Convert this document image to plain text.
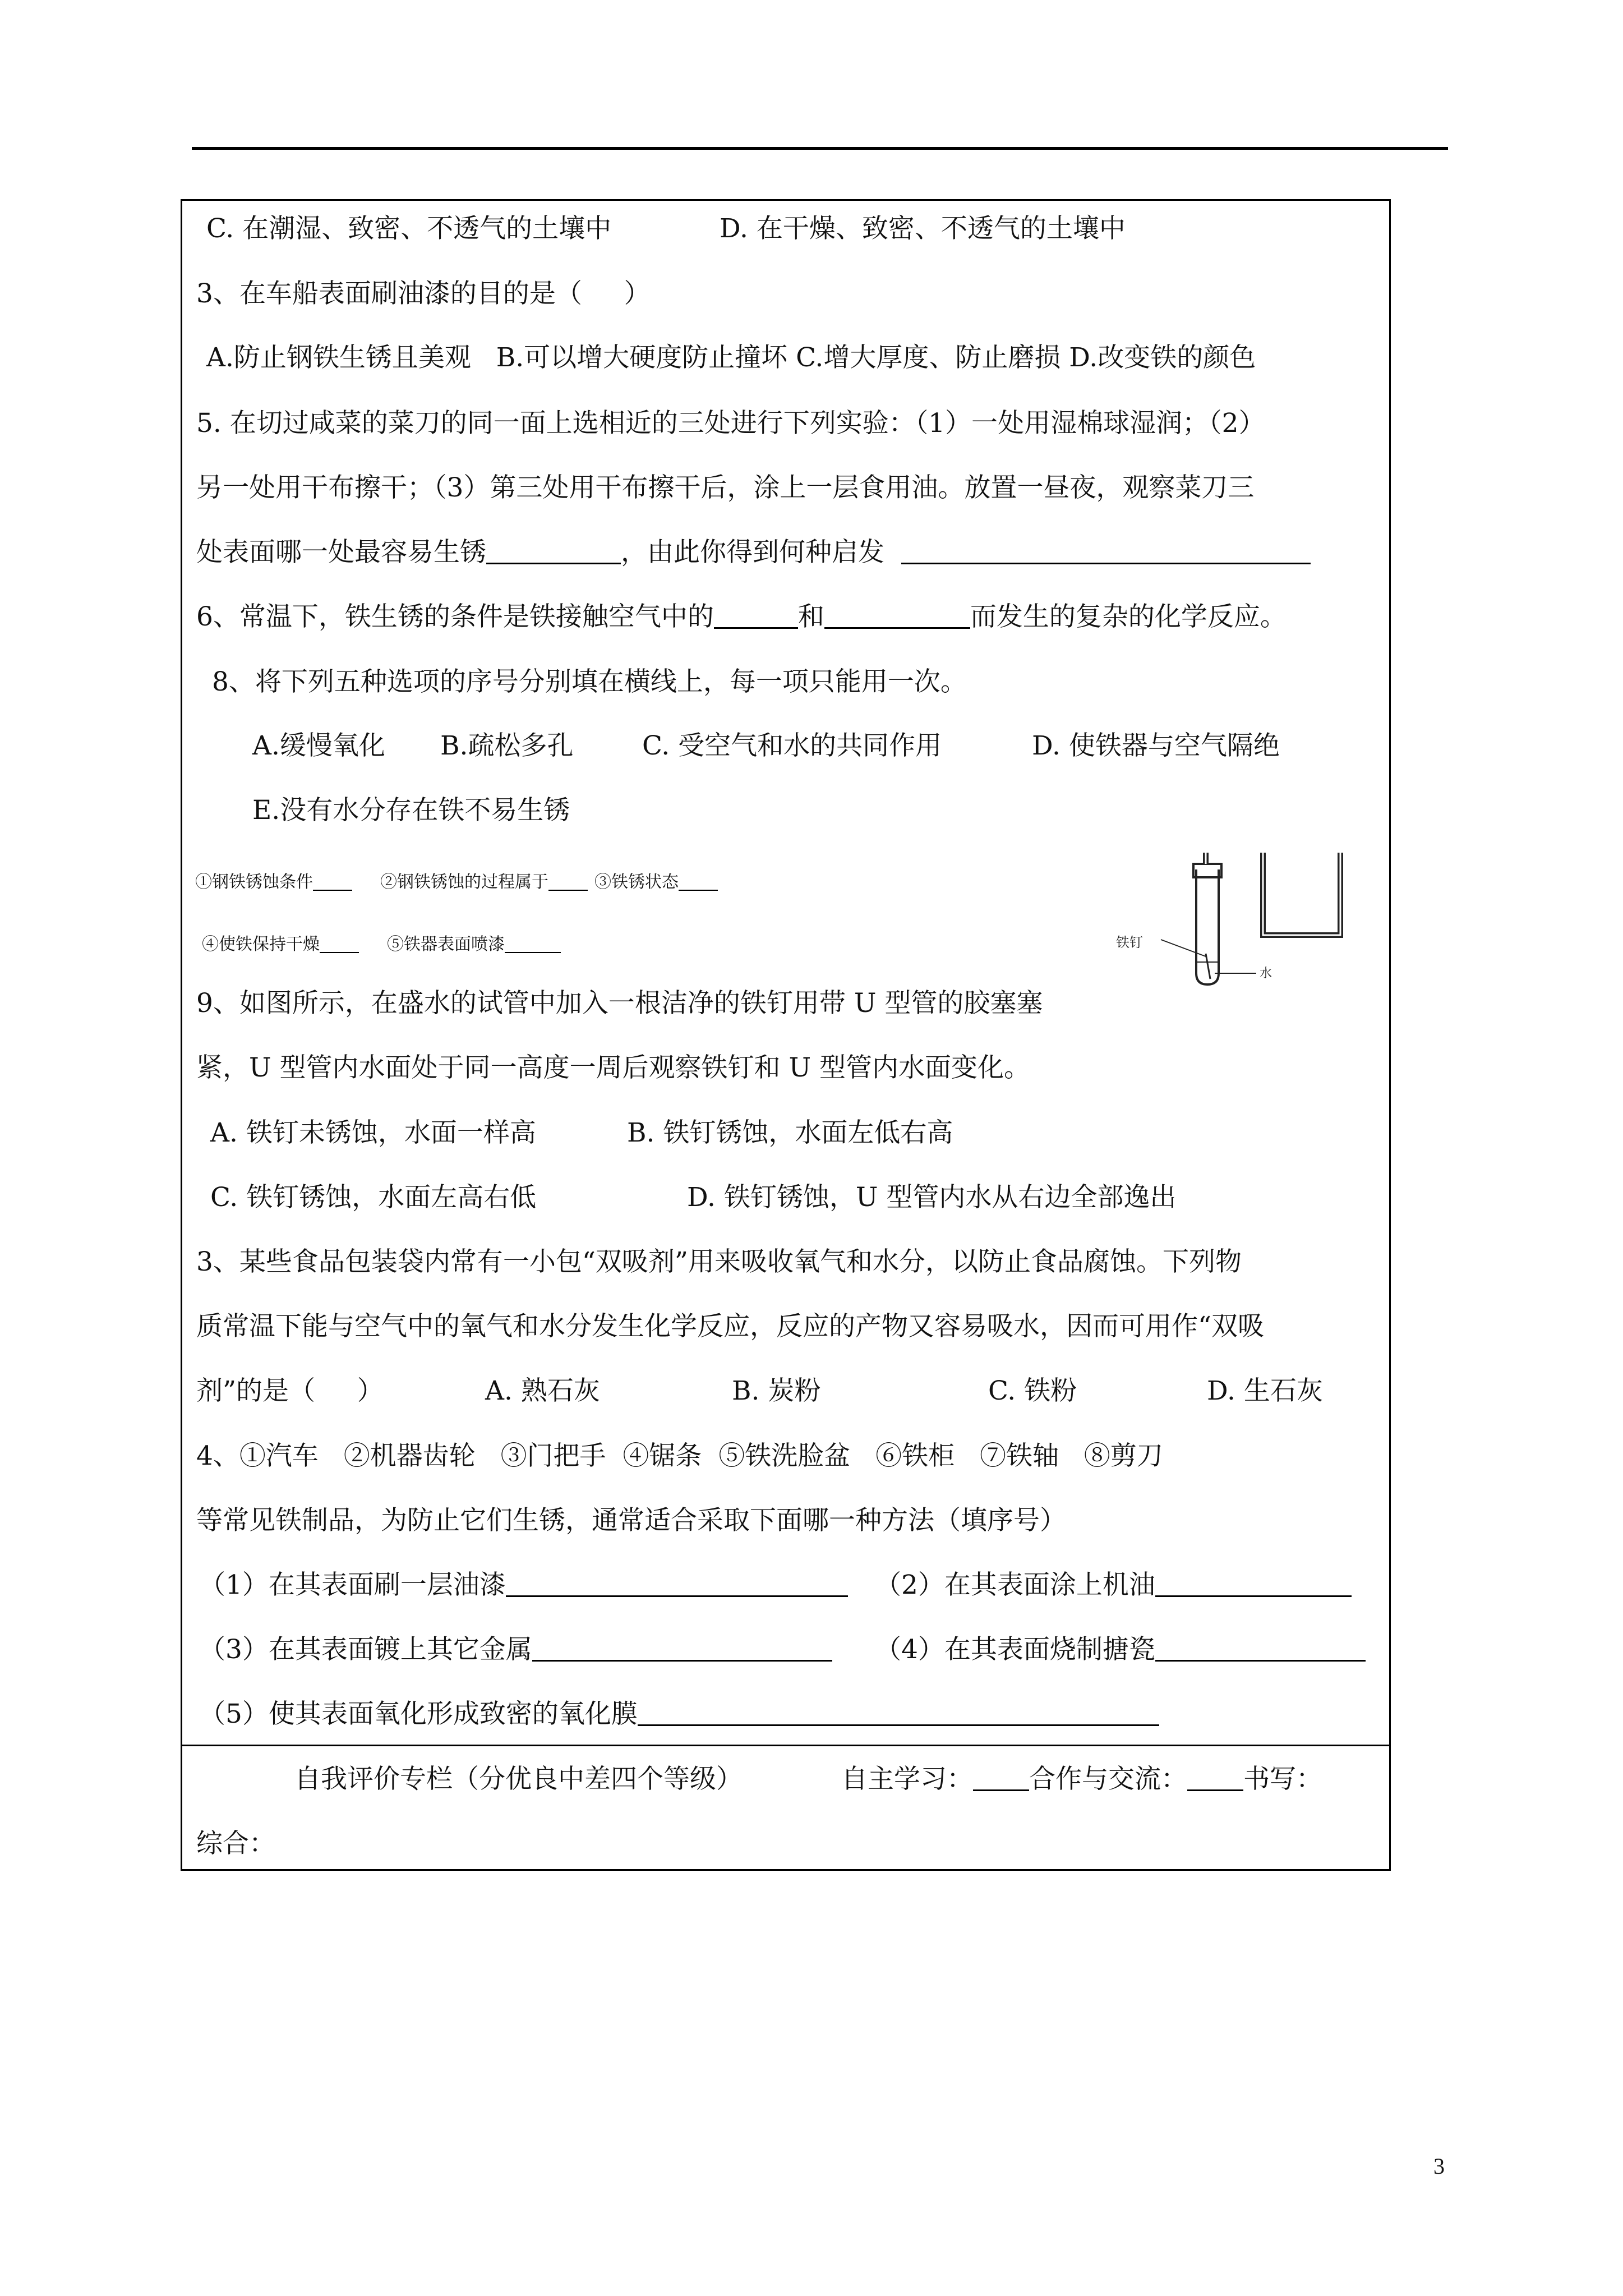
C. 在潮湿、致密、不透气的土壤中	D. 在干燥、致密、不透气的土壤中
3、在车船表面刷油漆的目的是（     ）
A.防止钢铁生锈且美观   B.可以增大硬度防止撞坏 C.增大厚度、防止磨损 D.改变铁的颜色
5. 在切过咸菜的菜刀的同一面上选相近的三处进行下列实验：（1）一处用湿棉球湿润；（2）
另一处用干布擦干；（3）第三处用干布擦干后，涂上一层食用油。放置一昼夜，观察菜刀三
处表面哪一处最容易生锈	，由此你得到何种启发
6、常温下，铁生锈的条件是铁接触空气中的	和	而发生的复杂的化学反应。
8、将下列五种选项的序号分别填在横线上，每一项只能用一次。
A.缓慢氧化 B.疏松多孔	C. 受空气和水的共同作用	D. 使铁器与空气隔绝
E.没有水分存在铁不易生锈
①钢铁锈蚀条件	②钢铁锈蚀的过程属于	③铁锈状态
④使铁保持干燥	⑤铁器表面喷漆	铁钉
水
9、如图所示，在盛水的试管中加入一根洁净的铁钉用带 U 型管的胶塞塞
紧，U 型管内水面处于同一高度一周后观察铁钉和 U 型管内水面变化。
A. 铁钉未锈蚀，水面一样高	B. 铁钉锈蚀，水面左低右高
C. 铁钉锈蚀，水面左高右低	D. 铁钉锈蚀，U 型管内水从右边全部逸出
3、某些食品包装袋内常有一小包“双吸剂”用来吸收氧气和水分，以防止食品腐蚀。下列物
质常温下能与空气中的氧气和水分发生化学反应，反应的产物又容易吸水，因而可用作“双吸
剂”的是（     ）	A. 熟石灰	B. 炭粉	C. 铁粉	D. 生石灰
4、①汽车   ②机器齿轮   ③门把手  ④锯条  ⑤铁洗脸盆   ⑥铁柜   ⑦铁轴   ⑧剪刀
等常见铁制品，为防止它们生锈，通常适合采取下面哪一种方法（填序号）
（1）在其表面刷一层油漆	（2）在其表面涂上机油
（3）在其表面镀上其它金属	（4）在其表面烧制搪瓷
（5）使其表面氧化形成致密的氧化膜
自我评价专栏（分优良中差四个等级）	自主学习： 合作与交流： 书写：
综合：
3
